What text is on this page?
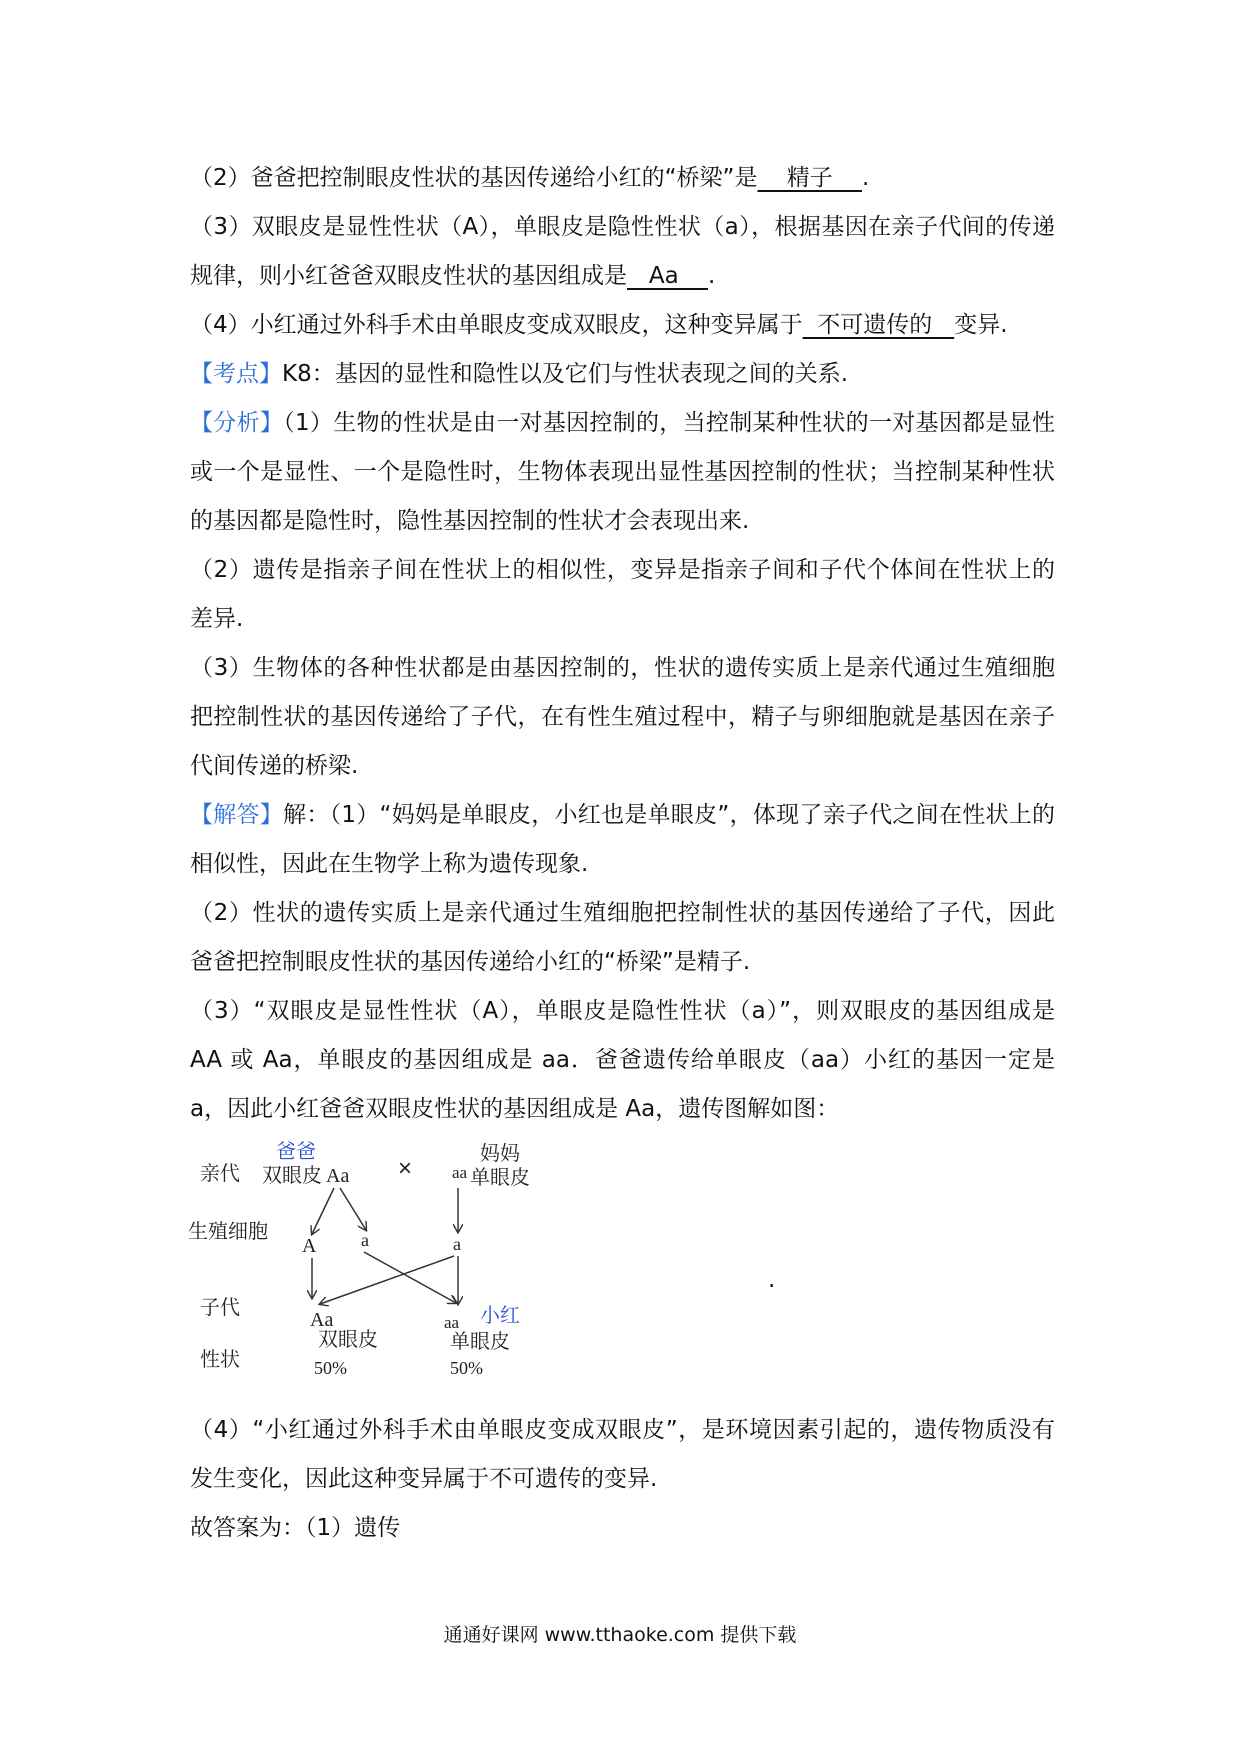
（2）爸爸把控制眼皮性状的基因传递给小红的“桥梁”是    精子    .

（3）双眼皮是显性性状（A），单眼皮是隐性性状（a），根据基因在亲子代间的传递规律，则小红爸爸双眼皮性状的基因组成是   Aa    .

（4）小红通过外科手术由单眼皮变成双眼皮，这种变异属于  不可遗传的   变异.

【考点】K8：基因的显性和隐性以及它们与性状表现之间的关系.

【分析】（1）生物的性状是由一对基因控制的，当控制某种性状的一对基因都是显性或一个是显性、一个是隐性时，生物体表现出显性基因控制的性状；当控制某种性状的基因都是隐性时，隐性基因控制的性状才会表现出来.

（2）遗传是指亲子间在性状上的相似性，变异是指亲子间和子代个体间在性状上的差异.

（3）生物体的各种性状都是由基因控制的，性状的遗传实质上是亲代通过生殖细胞把控制性状的基因传递给了子代，在有性生殖过程中，精子与卵细胞就是基因在亲子代间传递的桥梁.

【解答】解：（1）“妈妈是单眼皮，小红也是单眼皮”，体现了亲子代之间在性状上的相似性，因此在生物学上称为遗传现象.

（2）性状的遗传实质上是亲代通过生殖细胞把控制性状的基因传递给了子代，因此爸爸把控制眼皮性状的基因传递给小红的“桥梁”是精子.

（3）“双眼皮是显性性状（A），单眼皮是隐性性状（a）”，则双眼皮的基因组成是 AA 或 Aa，单眼皮的基因组成是 aa．爸爸遗传给单眼皮（aa）小红的基因一定是 a，因此小红爸爸双眼皮性状的基因组成是 Aa，遗传图解如图：

亲代
生殖细胞
子代
性状
爸爸
双眼皮 Aa × aa
妈妈
单眼皮
A a	a
Aa
双眼皮
50%
aa 小红
单眼皮
50%
.

（4）“小红通过外科手术由单眼皮变成双眼皮”，是环境因素引起的，遗传物质没有发生变化，因此这种变异属于不可遗传的变异.

故答案为：（1）遗传

通通好课网 www.tthaoke.com 提供下载
